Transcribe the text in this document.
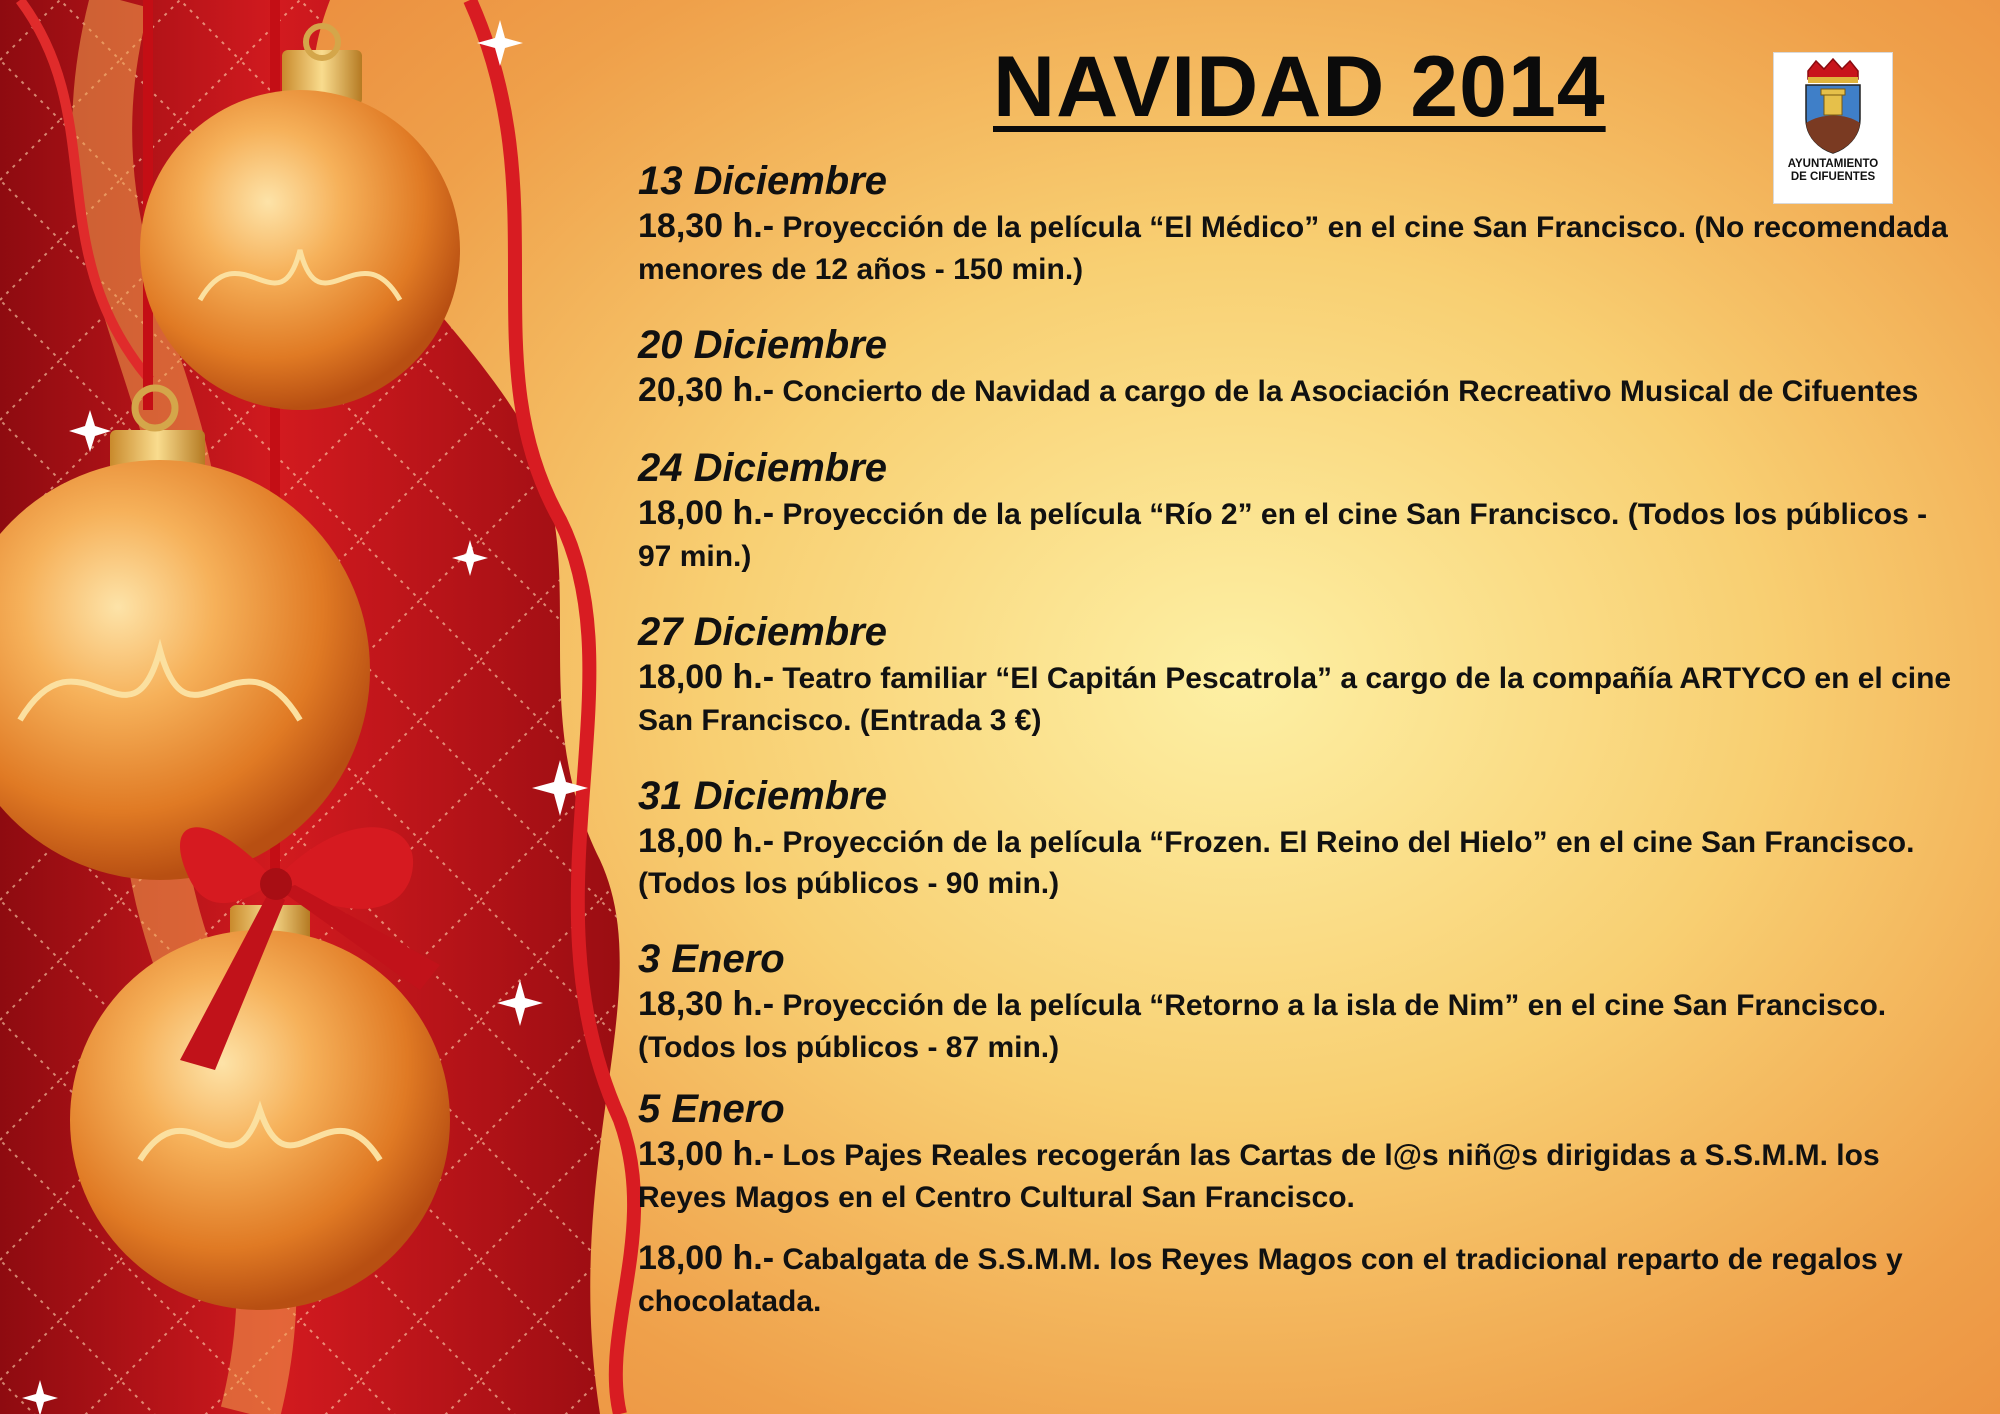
NAVIDAD 2014
AYUNTAMIENTO
DE CIFUENTES
13 Diciembre
18,30 h.- Proyección de la película “El Médico” en el cine San Francisco. (No recomendada menores de 12 años - 150 min.)
20 Diciembre
20,30 h.- Concierto de Navidad a cargo de la Asociación Recreativo Musical de Cifuentes
24 Diciembre
18,00 h.- Proyección de la película “Río 2” en el cine San Francisco. (Todos los públicos - 97 min.)
27 Diciembre
18,00 h.- Teatro familiar “El Capitán Pescatrola” a cargo de la compañía ARTYCO en el cine San Francisco. (Entrada 3 €)
31 Diciembre
18,00 h.- Proyección de la película “Frozen. El Reino del Hielo” en el cine San Francisco. (Todos los públicos - 90 min.)
3 Enero
18,30 h.- Proyección de la película “Retorno a la isla de Nim” en el cine San Francisco. (Todos los públicos - 87 min.)
5 Enero
13,00 h.- Los Pajes Reales recogerán las Cartas de l@s niñ@s dirigidas a S.S.M.M. los Reyes Magos en el Centro Cultural San Francisco.
18,00 h.- Cabalgata de S.S.M.M. los Reyes Magos con el tradicional reparto de regalos y chocolatada.
